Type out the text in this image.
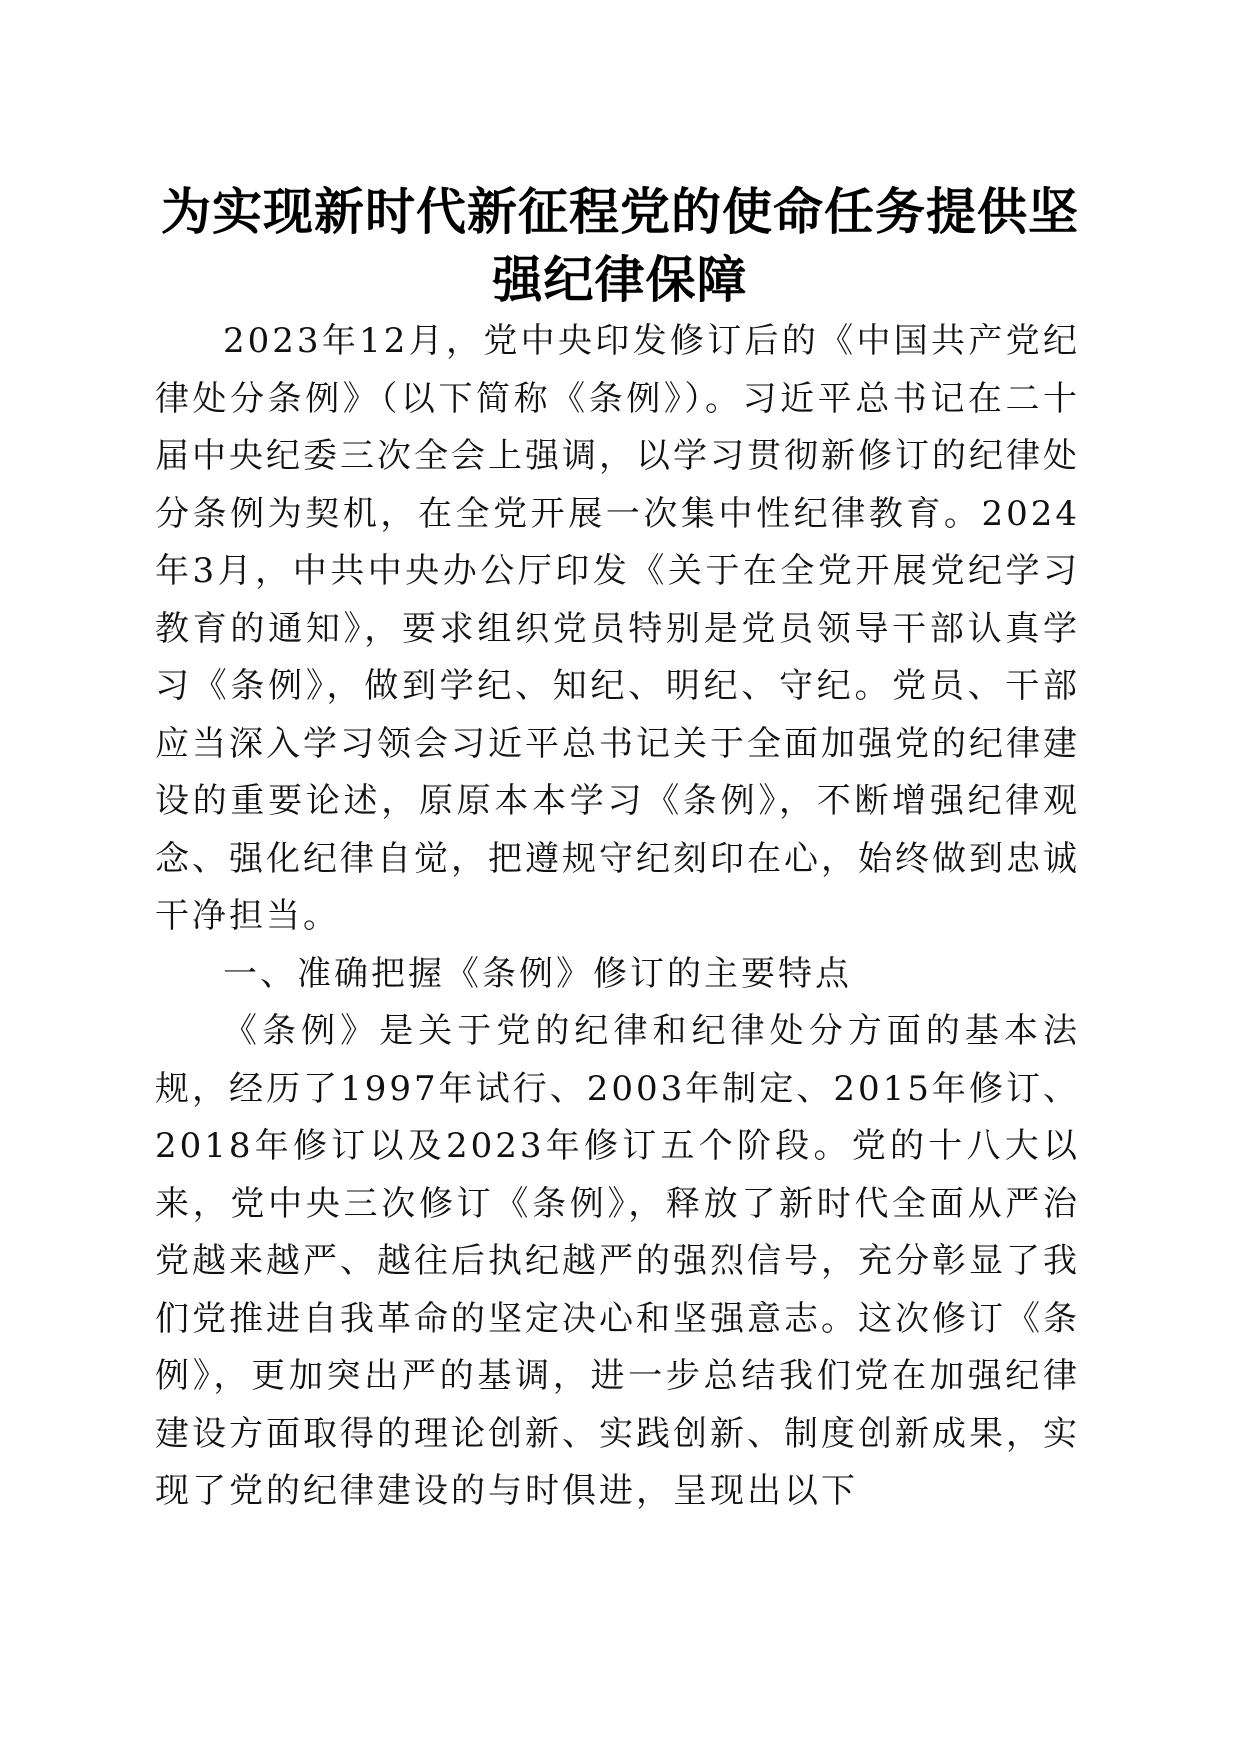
为实现新时代新征程党的使命任务提供坚强纪律保障

2023年12月，党中央印发修订后的《中国共产党纪律处分条例》（以下简称《条例》）。习近平总书记在二十届中央纪委三次全会上强调，以学习贯彻新修订的纪律处分条例为契机，在全党开展一次集中性纪律教育。2024年3月，中共中央办公厅印发《关于在全党开展党纪学习教育的通知》，要求组织党员特别是党员领导干部认真学习《条例》，做到学纪、知纪、明纪、守纪。党员、干部应当深入学习领会习近平总书记关于全面加强党的纪律建设的重要论述，原原本本学习《条例》，不断增强纪律观念、强化纪律自觉，把遵规守纪刻印在心，始终做到忠诚干净担当。

一、准确把握《条例》修订的主要特点

《条例》是关于党的纪律和纪律处分方面的基本法规，经历了1997年试行、2003年制定、2015年修订、2018年修订以及2023年修订五个阶段。党的十八大以来，党中央三次修订《条例》，释放了新时代全面从严治党越来越严、越往后执纪越严的强烈信号，充分彰显了我们党推进自我革命的坚定决心和坚强意志。这次修订《条例》，更加突出严的基调，进一步总结我们党在加强纪律建设方面取得的理论创新、实践创新、制度创新成果，实现了党的纪律建设的与时俱进，呈现出以下
